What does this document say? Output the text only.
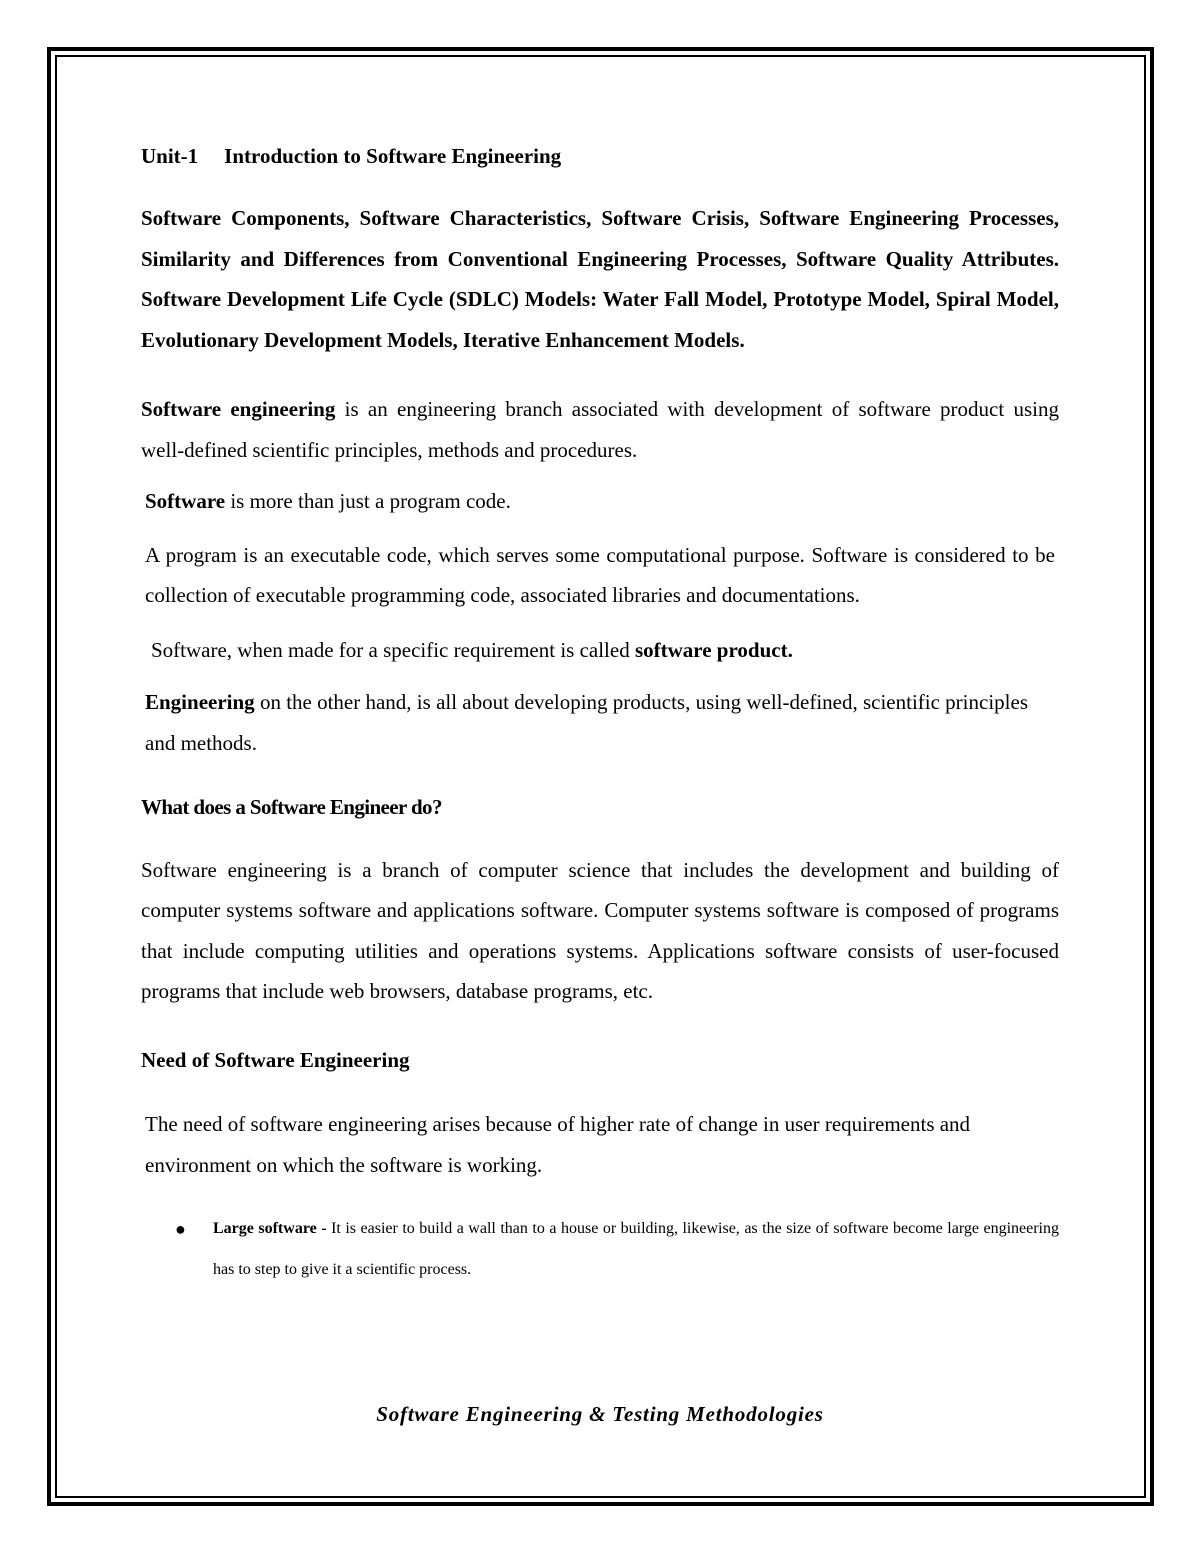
Unit-1 Introduction to Software Engineering

Software Components, Software Characteristics, Software Crisis, Software Engineering Processes, Similarity and Differences from Conventional Engineering Processes, Software Quality Attributes. Software Development Life Cycle (SDLC) Models: Water Fall Model, Prototype Model, Spiral Model, Evolutionary Development Models, Iterative Enhancement Models.

Software engineering is an engineering branch associated with development of software product using well-defined scientific principles, methods and procedures.

Software is more than just a program code.

A program is an executable code, which serves some computational purpose. Software is considered to be collection of executable programming code, associated libraries and documentations.

Software, when made for a specific requirement is called software product.

Engineering on the other hand, is all about developing products, using well-defined, scientific principles and methods.

What does a Software Engineer do?

Software engineering is a branch of computer science that includes the development and building of computer systems software and applications software. Computer systems software is composed of programs that include computing utilities and operations systems. Applications software consists of user-focused programs that include web browsers, database programs, etc.

Need of Software Engineering

The need of software engineering arises because of higher rate of change in user requirements and environment on which the software is working.

● Large software - It is easier to build a wall than to a house or building, likewise, as the size of software become large engineering has to step to give it a scientific process.
Software Engineering & Testing Methodologies
